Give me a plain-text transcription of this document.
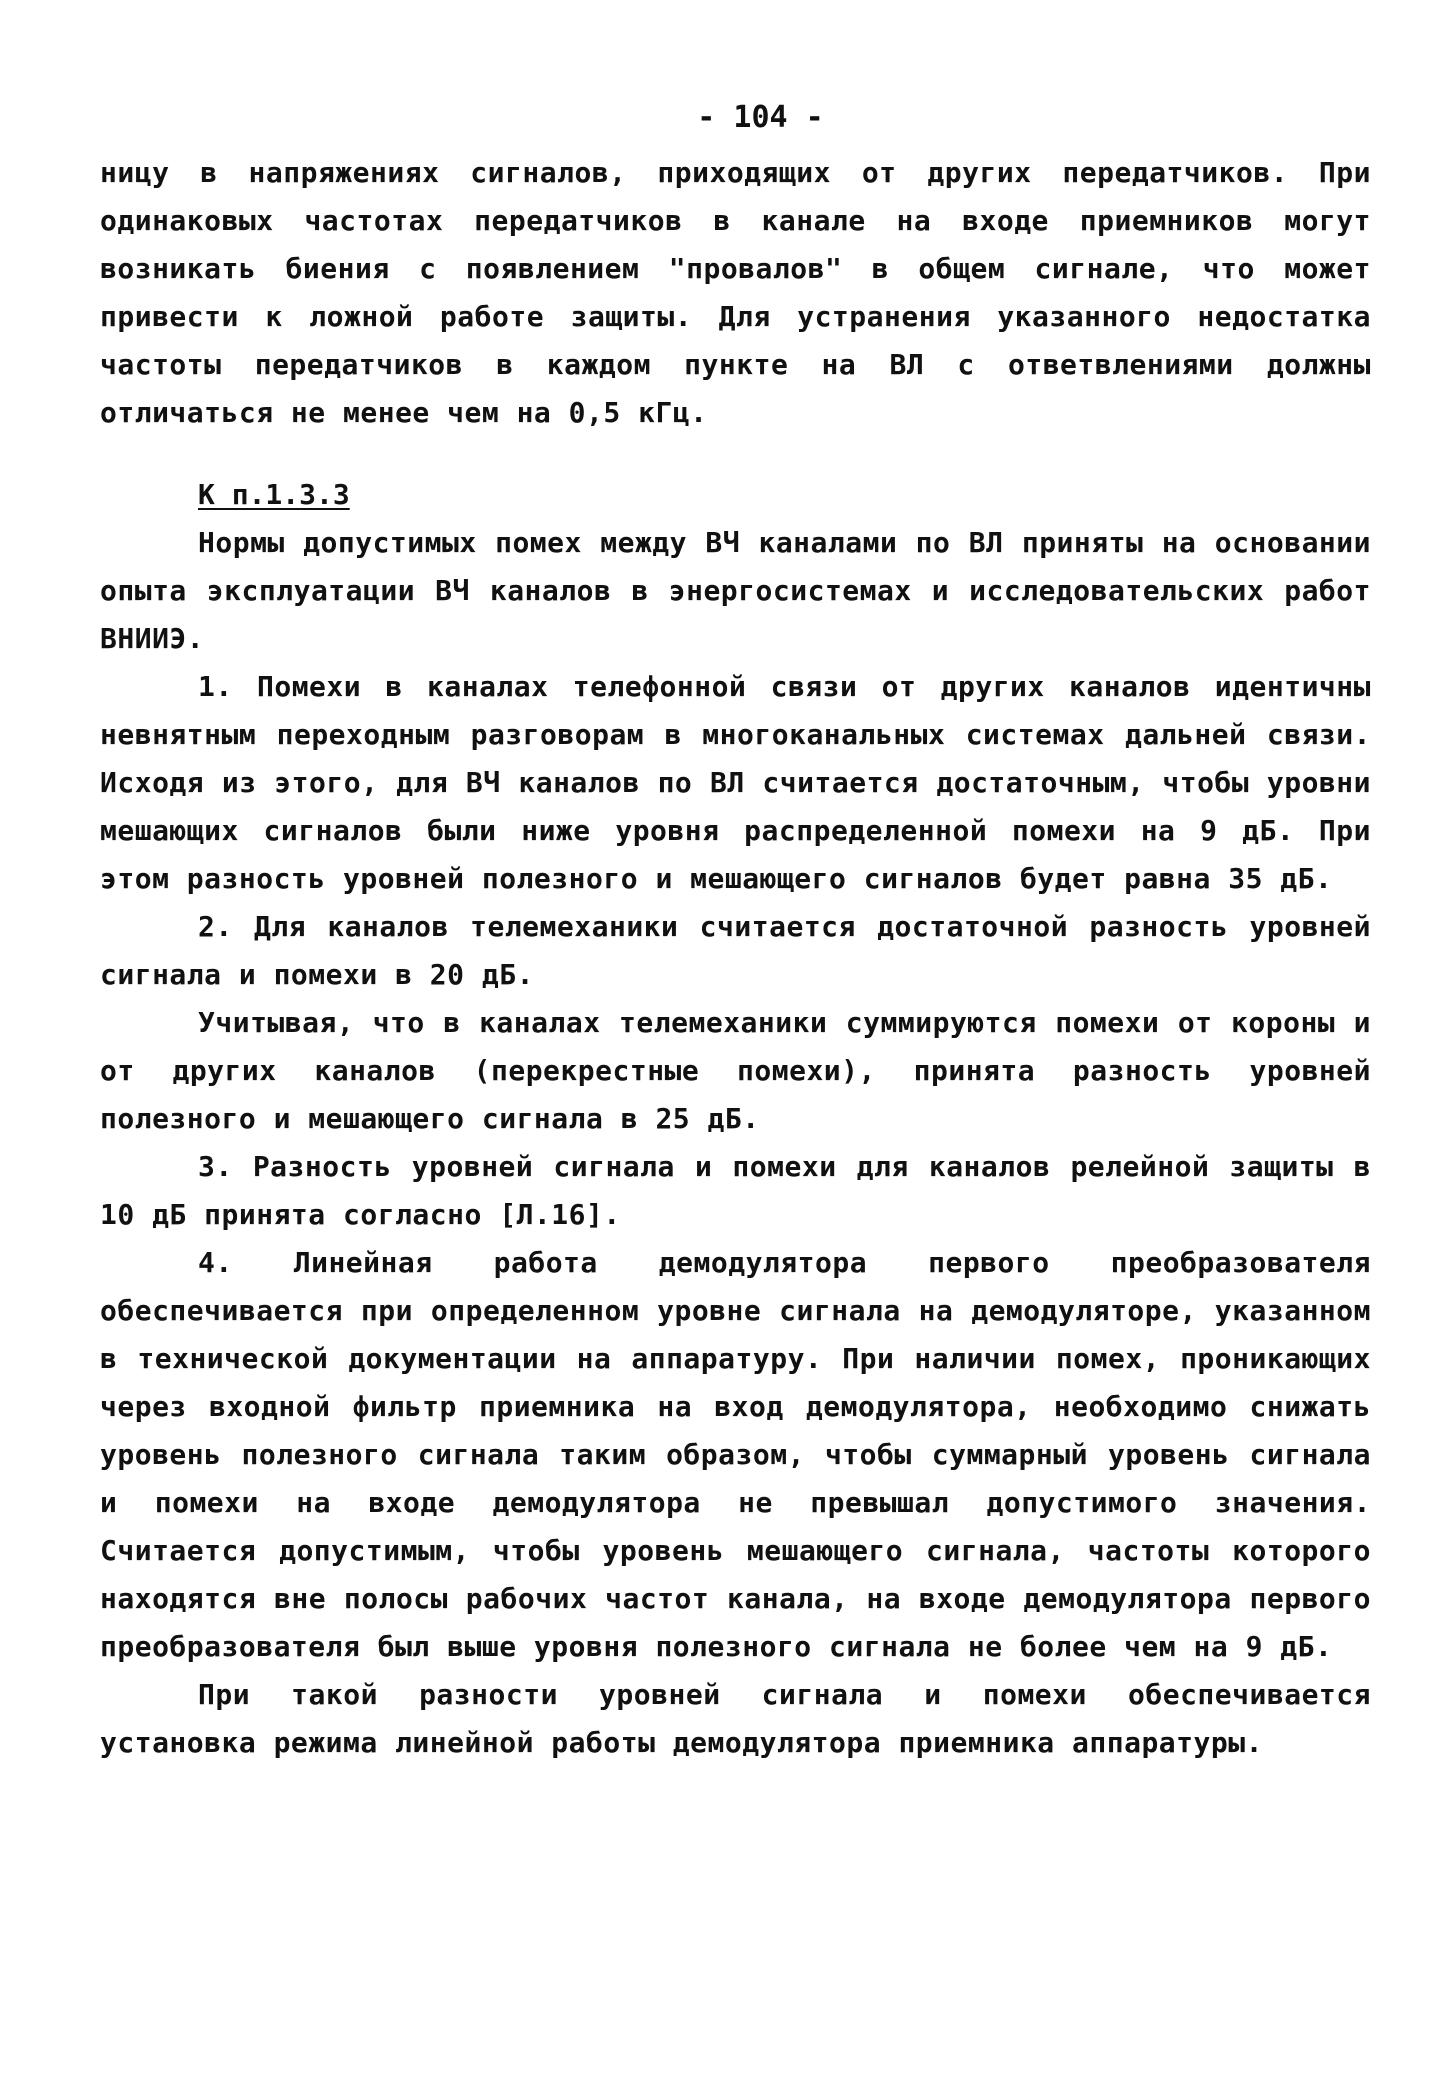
- 104 -

ницу в напряжениях сигналов, приходящих от других передатчиков. При одинаковых частотах передатчиков в канале на входе приемников могут возникать биения с появлением "провалов" в общем сигнале, что может привести к ложной работе защиты. Для устранения указанного недостатка частоты передатчиков в каждом пункте на ВЛ с ответвлениями должны отличаться не менее чем на 0,5 кГц.

К п.1.3.3

Нормы допустимых помех между ВЧ каналами по ВЛ приняты на основании опыта эксплуатации ВЧ каналов в энергосистемах и исследовательских работ ВНИИЭ.

1. Помехи в каналах телефонной связи от других каналов идентичны невнятным переходным разговорам в многоканальных системах дальней связи. Исходя из этого, для ВЧ каналов по ВЛ считается достаточным, чтобы уровни мешающих сигналов были ниже уровня распределенной помехи на 9 дБ. При этом разность уровней полезного и мешающего сигналов будет равна 35 дБ.

2. Для каналов телемеханики считается достаточной разность уровней сигнала и помехи в 20 дБ.

Учитывая, что в каналах телемеханики суммируются помехи от короны и от других каналов (перекрестные помехи), принята разность уровней полезного и мешающего сигнала в 25 дБ.

3. Разность уровней сигнала и помехи для каналов релейной защиты в 10 дБ принята согласно [Л.16].

4. Линейная работа демодулятора первого преобразователя обеспечивается при определенном уровне сигнала на демодуляторе, указанном в технической документации на аппаратуру. При наличии помех, проникающих через входной фильтр приемника на вход демодулятора, необходимо снижать уровень полезного сигнала таким образом, чтобы суммарный уровень сигнала и помехи на входе демодулятора не превышал допустимого значения. Считается допустимым, чтобы уровень мешающего сигнала, частоты которого находятся вне полосы рабочих частот канала, на входе демодулятора первого преобразователя был выше уровня полезного сигнала не более чем на 9 дБ.

При такой разности уровней сигнала и помехи обеспечивается установка режима линейной работы демодулятора приемника аппаратуры.
